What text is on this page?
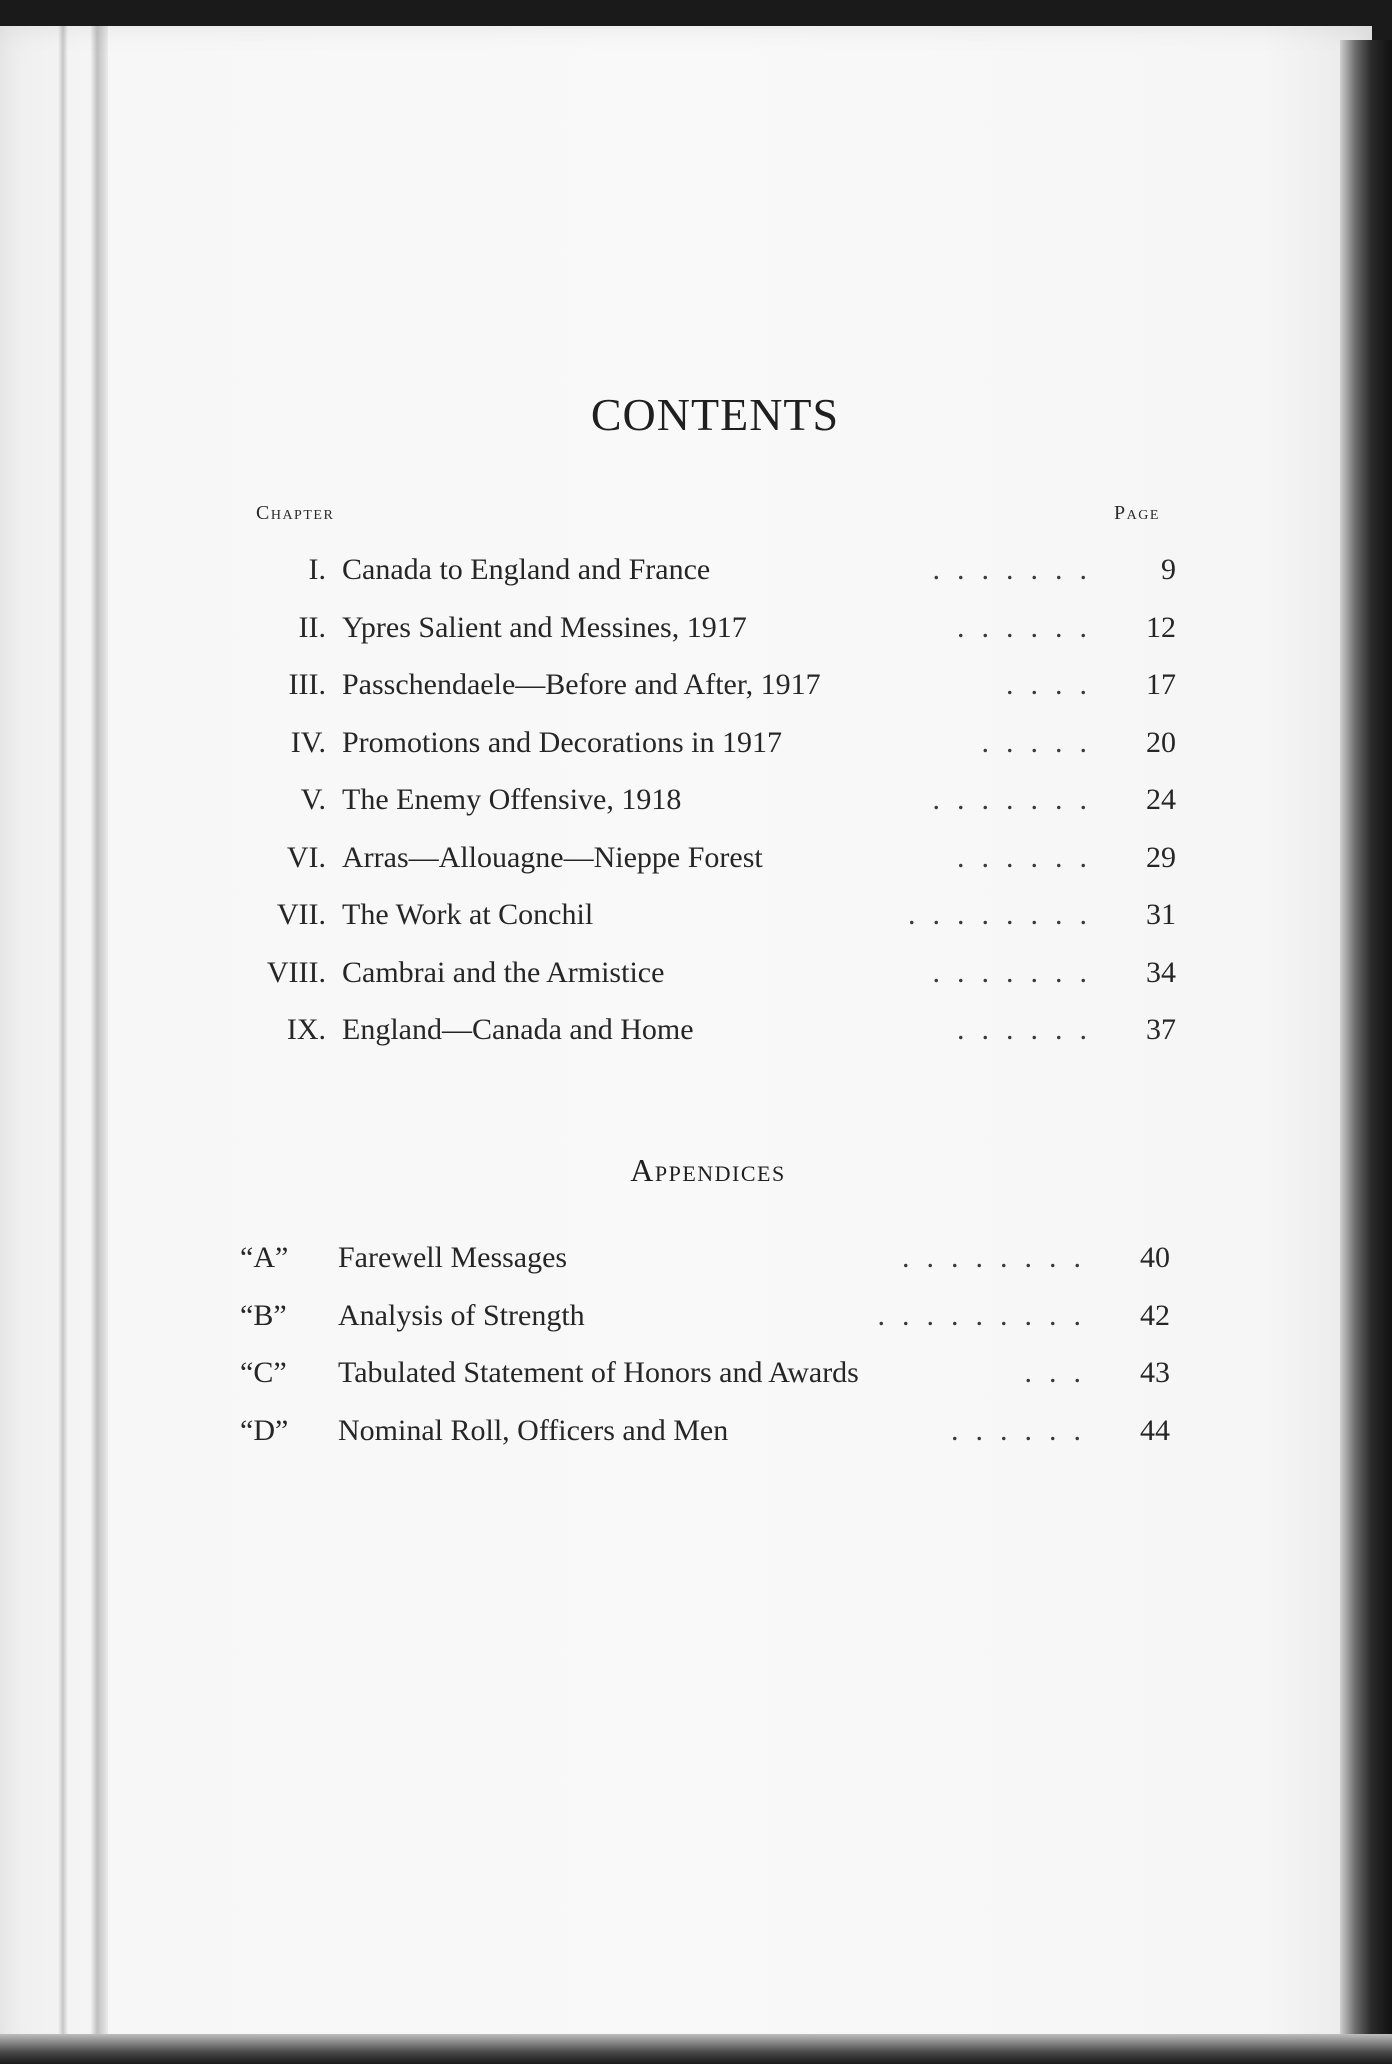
CONTENTS
Chapter	Page
I. Canada to England and France	.......	9
II. Ypres Salient and Messines, 1917	......	12
III. Passchendaele—Before and After, 1917	....	17
IV. Promotions and Decorations in 1917	.....	20
V. The Enemy Offensive, 1918	.......	24
VI. Arras—Allouagne—Nieppe Forest	......	29
VII. The Work at Conchil	........	31
VIII. Cambrai and the Armistice	.......	34
IX. England—Canada and Home	......	37
Appendices
“A”	Farewell Messages	........	40
“B”	Analysis of Strength	.........	42
“C”	Tabulated Statement of Honors and Awards	...	43
“D”	Nominal Roll, Officers and Men	......	44
